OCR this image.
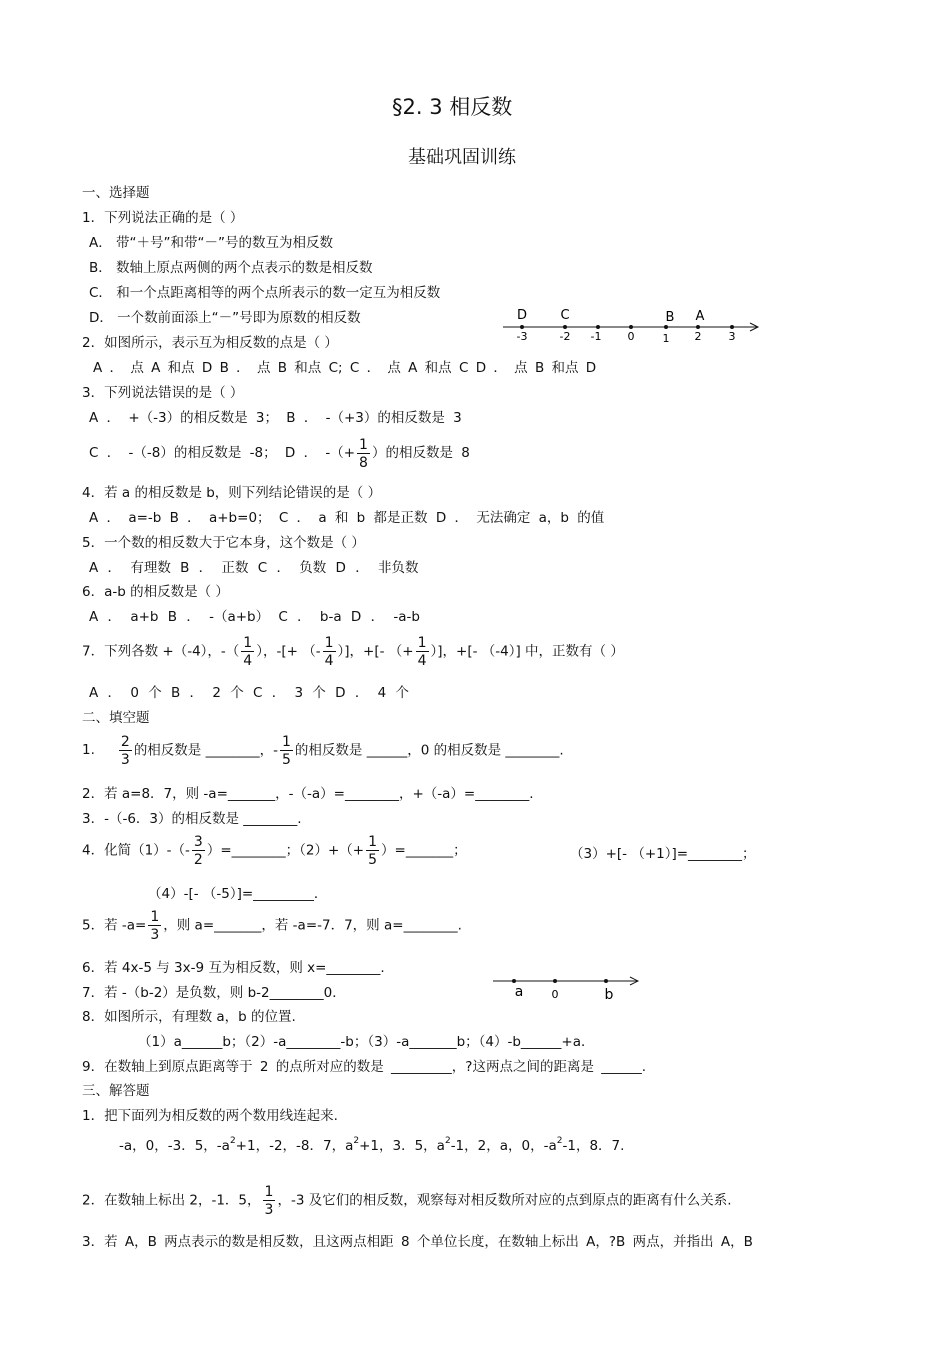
§2. 3 相反数
基础巩固训练
一、选择题
1．下列说法正确的是（ ）
A． 带“＋号”和带“－”号的数互为相反数
B． 数轴上原点两侧的两个点表示的数是相反数
C． 和一个点距离相等的两个点所表示的数一定互为相反数
D． 一个数前面添上“－”号即为原数的相反数	D	C	B A
-3	-2 -1 0	1 2 3
2．如图所示，表示互为相反数的点是（ ）
A ． 点 A 和点 D B ． 点 B 和点 C; C ． 点 A 和点 C D ． 点 B 和点 D
3．下列说法错误的是（ ）
A ． +（-3）的相反数是 3； B ． -（+3）的相反数是 3
C ． -（-8）的相反数是 -8； D ． -（+ $\frac{1}{8}$ ）的相反数是 8
4．若 a 的相反数是 b，则下列结论错误的是（ ）
A ． a=-b B ． a+b=0； C ． a 和 b 都是正数 D ． 无法确定 a，b 的值
5．一个数的相反数大于它本身，这个数是（ ）
A ． 有理数 B ． 正数 C ． 负数 D ． 非负数
6．a-b 的相反数是（ ）
A ． a+b B ． -（a+b） C ． b-a D ． -a-b
7．下列各数 +（-4），-（ $\frac{1}{4}$ ），-[+ （- $\frac{1}{4}$ ）]，+[- （+ $\frac{1}{4}$ ）]，+[- （-4）] 中，正数有（ ）
A ． 0 个 B ． 2 个 C ． 3 个 D ． 4 个
二、填空题
1. $\frac{2}{3}$ 的相反数是 ________，- $\frac{1}{5}$ 的相反数是 ______，0 的相反数是 ________.
2．若 a=8．7，则 -a=_______，-（-a）=________，+（-a）=________.
3．-（-6．3）的相反数是 ________.
4．化简$(1)-(- \frac{3}{2}$ ）=________；$(2)+(+ \frac{1}{5}$ ）=_______；	（3）+[- （+1）]=________；
（4）-[- （-5）]=_________．
5．若 $-a= \frac{1}{3}$ ，则 a=_______，若 -a=-7．7，则 a=________.
6．若 4x-5 与 3x-9 互为相反数，则 x=________.
a	0	b
7．若 -（b-2）是负数，则 b-2________0．
8．如图所示，有理数 a，b 的位置.
（1）a______b；（2）-a________-b；（3）-a_______b；（4）-b______+a．
9．在数轴上到原点距离等于 2 的点所对应的数是 _________，?这两点之间的距离是 ______.
三、解答题
1．把下面列为相反数的两个数用线连起来.
-a，0，-3．5，$-a^2+1$，-2，-8．7，$a^2+1$，3．5，$a^2-1$，2，a，0，$-a^2-1$，8．7.
2．在数轴上标出 2，-1．5， $\frac{1}{3}$ ，-3 及它们的相反数，观察每对相反数所对应的点到原点的距离有什么关系.
3．若 A，B 两点表示的数是相反数，且这两点相距 8 个单位长度，在数轴上标出 A，?B 两点，并指出 A，B
